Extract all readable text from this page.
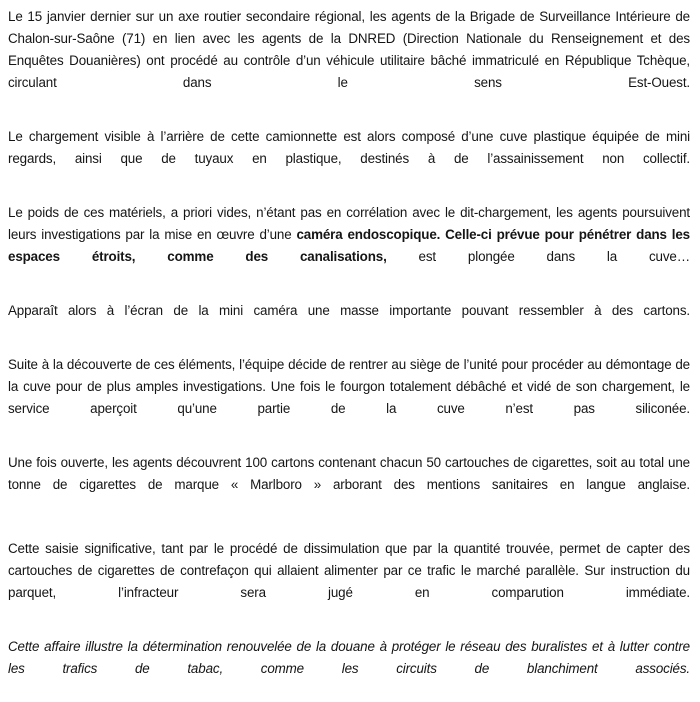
Le 15 janvier dernier sur un axe routier secondaire régional, les agents de la Brigade de Surveillance Intérieure de Chalon-sur-Saône (71) en lien avec les agents de la DNRED (Direction Nationale du Renseignement et des Enquêtes Douanières) ont procédé au contrôle d’un véhicule utilitaire bâché immatriculé en République Tchèque, circulant dans le sens Est-Ouest.

Le chargement visible à l’arrière de cette camionnette est alors composé d’une cuve plastique équipée de mini regards, ainsi que de tuyaux en plastique, destinés à de l’assainissement non collectif.

Le poids de ces matériels, a priori vides, n’étant pas en corrélation avec le dit-chargement, les agents poursuivent leurs investigations par la mise en œuvre d’une caméra endoscopique. Celle-ci prévue pour pénétrer dans les espaces étroits, comme des canalisations, est plongée dans la cuve…

Apparaît alors à l’écran de la mini caméra une masse importante pouvant ressembler à des cartons.

Suite à la découverte de ces éléments, l’équipe décide de rentrer au siège de l’unité pour procéder au démontage de la cuve pour de plus amples investigations. Une fois le fourgon totalement débâché et vidé de son chargement, le service aperçoit qu’une partie de la cuve n’est pas siliconée.

Une fois ouverte, les agents découvrent 100 cartons contenant chacun 50 cartouches de cigarettes, soit au total une tonne de cigarettes de marque « Marlboro » arborant des mentions sanitaires en langue anglaise.

Cette saisie significative, tant par le procédé de dissimulation que par la quantité trouvée, permet de capter des cartouches de cigarettes de contrefaçon qui allaient alimenter par ce trafic le marché parallèle. Sur instruction du parquet, l’infracteur sera jugé en comparution immédiate.

Cette affaire illustre la détermination renouvelée de la douane à protéger le réseau des buralistes et à lutter contre les trafics de tabac, comme les circuits de blanchiment associés.
